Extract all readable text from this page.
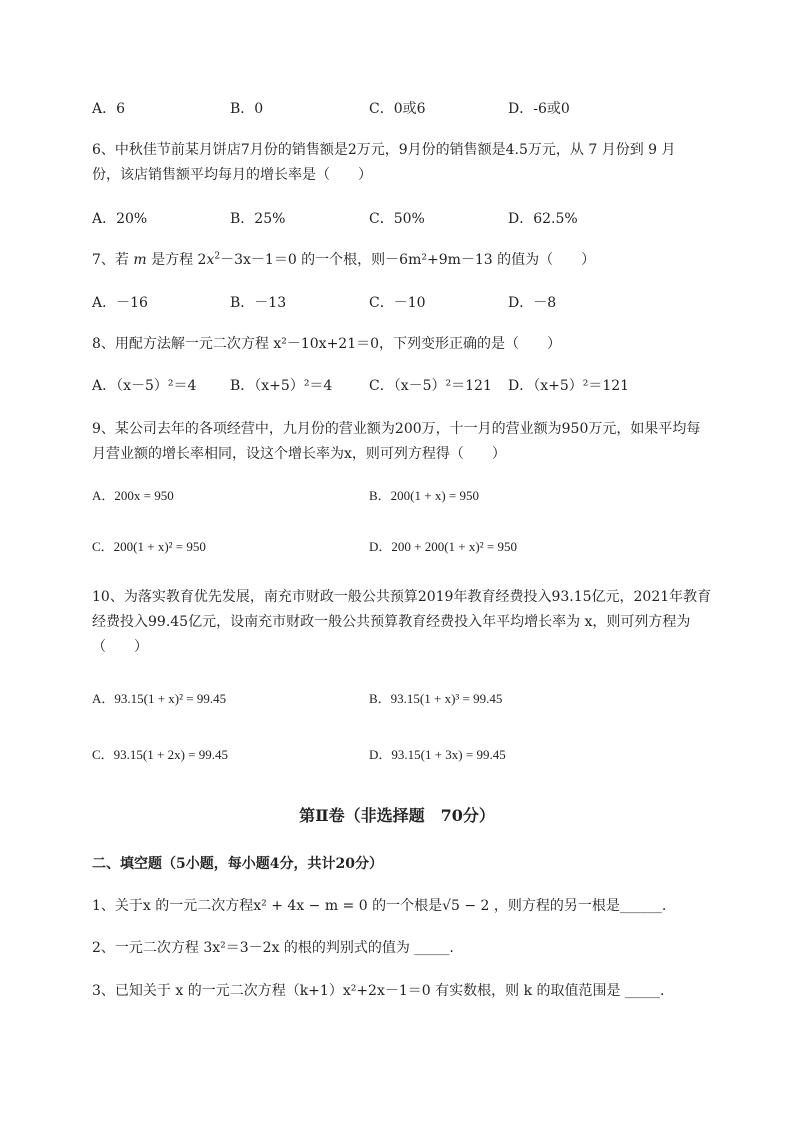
A．6	B．0	C．0或6	D．-6或0
6、中秋佳节前某月饼店7月份的销售额是2万元，9月份的销售额是4.5万元，从 7 月份到 9 月
份，该店销售额平均每月的增长率是（　　）
A．20%	B．25%	C．50%	D．62.5%
7、若 m 是方程 $2x^2-3x-1=0$ 的一个根，则－6m²+9m－13 的值为（　　）
A．－16	B．－13	C．－10	D．－8
8、用配方法解一元二次方程 x²－10x+21＝0，下列变形正确的是（　　）
A．（x－5）²＝4 B．（x+5）²＝4	C．（x－5）²＝121 D．（x+5）²＝121
9、某公司去年的各项经营中，九月份的营业额为200万，十一月的营业额为950万元，如果平均每
月营业额的增长率相同，设这个增长率为x，则可列方程得（　　）
A．200x = 950	B．200(1 + x) = 950
C．200(1 + x)² = 950	D．200 + 200(1 + x)² = 950
10、为落实教育优先发展，南充市财政一般公共预算2019年教育经费投入93.15亿元，2021年教育
经费投入99.45亿元，设南充市财政一般公共预算教育经费投入年平均增长率为 x，则可列方程为
（　　）
A．93.15(1 + x)² = 99.45	B．93.15(1 + x)³ = 99.45
C．93.15(1 + 2x) = 99.45	D．93.15(1 + 3x) = 99.45
第Ⅱ卷（非选择题　70分）
二、填空题（5小题，每小题4分，共计20分）
1、关于x 的一元二次方程x² + 4x − m = 0 的一个根是√5 − 2 ，则方程的另一根是______.
2、一元二次方程 3x²＝3－2x 的根的判别式的值为 _____.
3、已知关于 x 的一元二次方程（k+1）x²+2x－1＝0 有实数根，则 k 的取值范围是 _____.
